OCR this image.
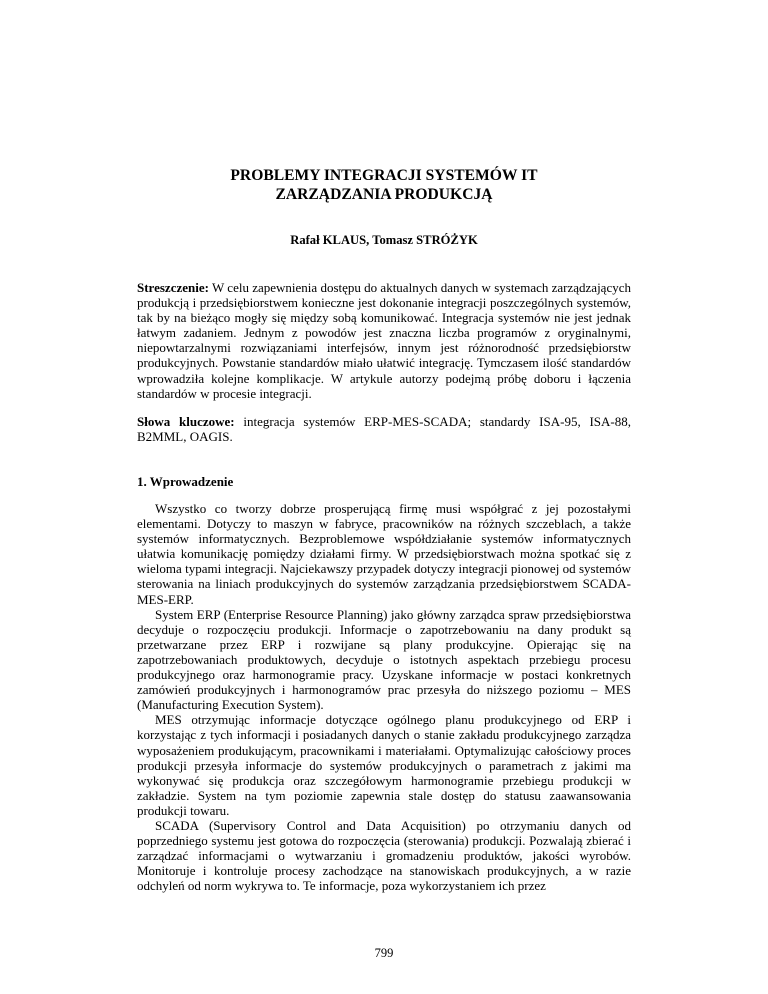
PROBLEMY INTEGRACJI SYSTEMÓW IT
ZARZĄDZANIA PRODUKCJĄ
Rafał KLAUS, Tomasz STRÓŻYK

Streszczenie: W celu zapewnienia dostępu do aktualnych danych w systemach zarządzających produkcją i przedsiębiorstwem konieczne jest dokonanie integracji poszczególnych systemów, tak by na bieżąco mogły się między sobą komunikować. Integracja systemów nie jest jednak łatwym zadaniem. Jednym z powodów jest znaczna liczba programów z oryginalnymi, niepowtarzalnymi rozwiązaniami interfejsów, innym jest różnorodność przedsiębiorstw produkcyjnych. Powstanie standardów miało ułatwić integrację. Tymczasem ilość standardów wprowadziła kolejne komplikacje. W artykule autorzy podejmą próbę doboru i łączenia standardów w procesie integracji.

Słowa kluczowe: integracja systemów ERP-MES-SCADA; standardy ISA-95, ISA-88, B2MML, OAGIS.

1. Wprowadzenie

Wszystko co tworzy dobrze prosperującą firmę musi współgrać z jej pozostałymi elementami. Dotyczy to maszyn w fabryce, pracowników na różnych szczeblach, a także systemów informatycznych. Bezproblemowe współdziałanie systemów informatycznych ułatwia komunikację pomiędzy działami firmy. W przedsiębiorstwach można spotkać się z wieloma typami integracji. Najciekawszy przypadek dotyczy integracji pionowej od systemów sterowania na liniach produkcyjnych do systemów zarządzania przedsiębiorstwem SCADA-MES-ERP.

System ERP (Enterprise Resource Planning) jako główny zarządca spraw przedsiębiorstwa decyduje o rozpoczęciu produkcji. Informacje o zapotrzebowaniu na dany produkt są przetwarzane przez ERP i rozwijane są plany produkcyjne. Opierając się na zapotrzebowaniach produktowych, decyduje o istotnych aspektach przebiegu procesu produkcyjnego oraz harmonogramie pracy. Uzyskane informacje w postaci konkretnych zamówień produkcyjnych i harmonogramów prac przesyła do niższego poziomu – MES (Manufacturing Execution System).

MES otrzymując informacje dotyczące ogólnego planu produkcyjnego od ERP i korzystając z tych informacji i posiadanych danych o stanie zakładu produkcyjnego zarządza wyposażeniem produkującym, pracownikami i materiałami. Optymalizując całościowy proces produkcji przesyła informacje do systemów produkcyjnych o parametrach z jakimi ma wykonywać się produkcja oraz szczegółowym harmonogramie przebiegu produkcji w zakładzie. System na tym poziomie zapewnia stale dostęp do statusu zaawansowania produkcji towaru.

SCADA (Supervisory Control and Data Acquisition) po otrzymaniu danych od poprzedniego systemu jest gotowa do rozpoczęcia (sterowania) produkcji. Pozwalają zbierać i zarządzać informacjami o wytwarzaniu i gromadzeniu produktów, jakości wyrobów. Monitoruje i kontroluje procesy zachodzące na stanowiskach produkcyjnych, a w razie odchyleń od norm wykrywa to. Te informacje, poza wykorzystaniem ich przez

799
